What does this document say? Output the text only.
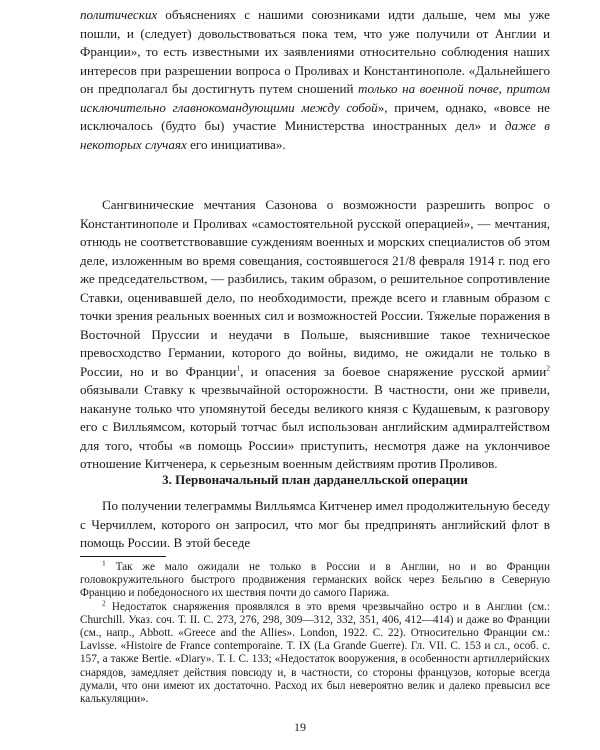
политических объяснениях с нашими союзниками идти дальше, чем мы уже пошли, и (следует) довольствоваться пока тем, что уже получили от Англии и Франции», то есть известными их заявлениями относительно соблюдения наших интересов при разрешении вопроса о Проливах и Константинополе. «Дальнейшего он предполагал бы достигнуть путем сношений только на военной почве, притом исключительно главнокомандующими между собой», причем, однако, «вовсе не исключалось (будто бы) участие Министерства иностранных дел» и даже в некоторых случаях его инициатива».

Сангвинические мечтания Сазонова о возможности разрешить вопрос о Константинополе и Проливах «самостоятельной русской операцией», — мечтания, отнюдь не соответствовавшие суждениям военных и морских специалистов об этом деле, изложенным во время совещания, состоявшегося 21/8 февраля 1914 г. под его же председательством, — разбились, таким образом, о решительное сопротивление Ставки, оценивавшей дело, по необходимости, прежде всего и главным образом с точки зрения реальных военных сил и возможностей России. Тяжелые поражения в Восточной Пруссии и неудачи в Польше, выяснившие такое техническое превосходство Германии, которого до войны, видимо, не ожидали не только в России, но и во Франции$^1$, и опасения за боевое снаряжение русской армии$^2$ обязывали Ставку к чрезвычайной осторожности. В частности, они же привели, накануне только что упомянутой беседы великого князя с Кудашевым, к разговору его с Вилльямсом, который тотчас был использован английским адмиралтейством для того, чтобы «в помощь России» приступить, несмотря даже на уклончивое отношение Китченера, к серьезным военным действиям против Проливов.

3. Первоначальный план дарданелльской операции

По получении телеграммы Вилльямса Китченер имел продолжительную беседу с Черчиллем, которого он запросил, что мог бы предпринять английский флот в помощь России. В этой беседе

$^1$ Так же мало ожидали не только в России и в Англии, но и во Франции головокружительного быстрого продвижения германских войск через Бельгию в Северную Францию и победоносного их шествия почти до самого Парижа.

$^2$ Недостаток снаряжения проявлялся в это время чрезвычайно остро и в Англии (см.: Churchill. Указ. соч. Т. II. С. 273, 276, 298, 309—312, 332, 351, 406, 412—414) и даже во Франции (см., напр., Abbott. «Greece and the Allies». London, 1922. С. 22). Относительно Франции см.: Lavisse. «Histoire de France contemporaine. T. IX (La Grande Guerre). Гл. VII. С. 153 и сл., особ. с. 157, а также Bertie. «Diary». Т. I. С. 133; «Недостаток вооружения, в особенности артиллерийских снарядов, замедляет действия повсюду и, в частности, со стороны французов, которые всегда думали, что они имеют их достаточно. Расход их был невероятно велик и далеко превысил все калькуляции».

19
